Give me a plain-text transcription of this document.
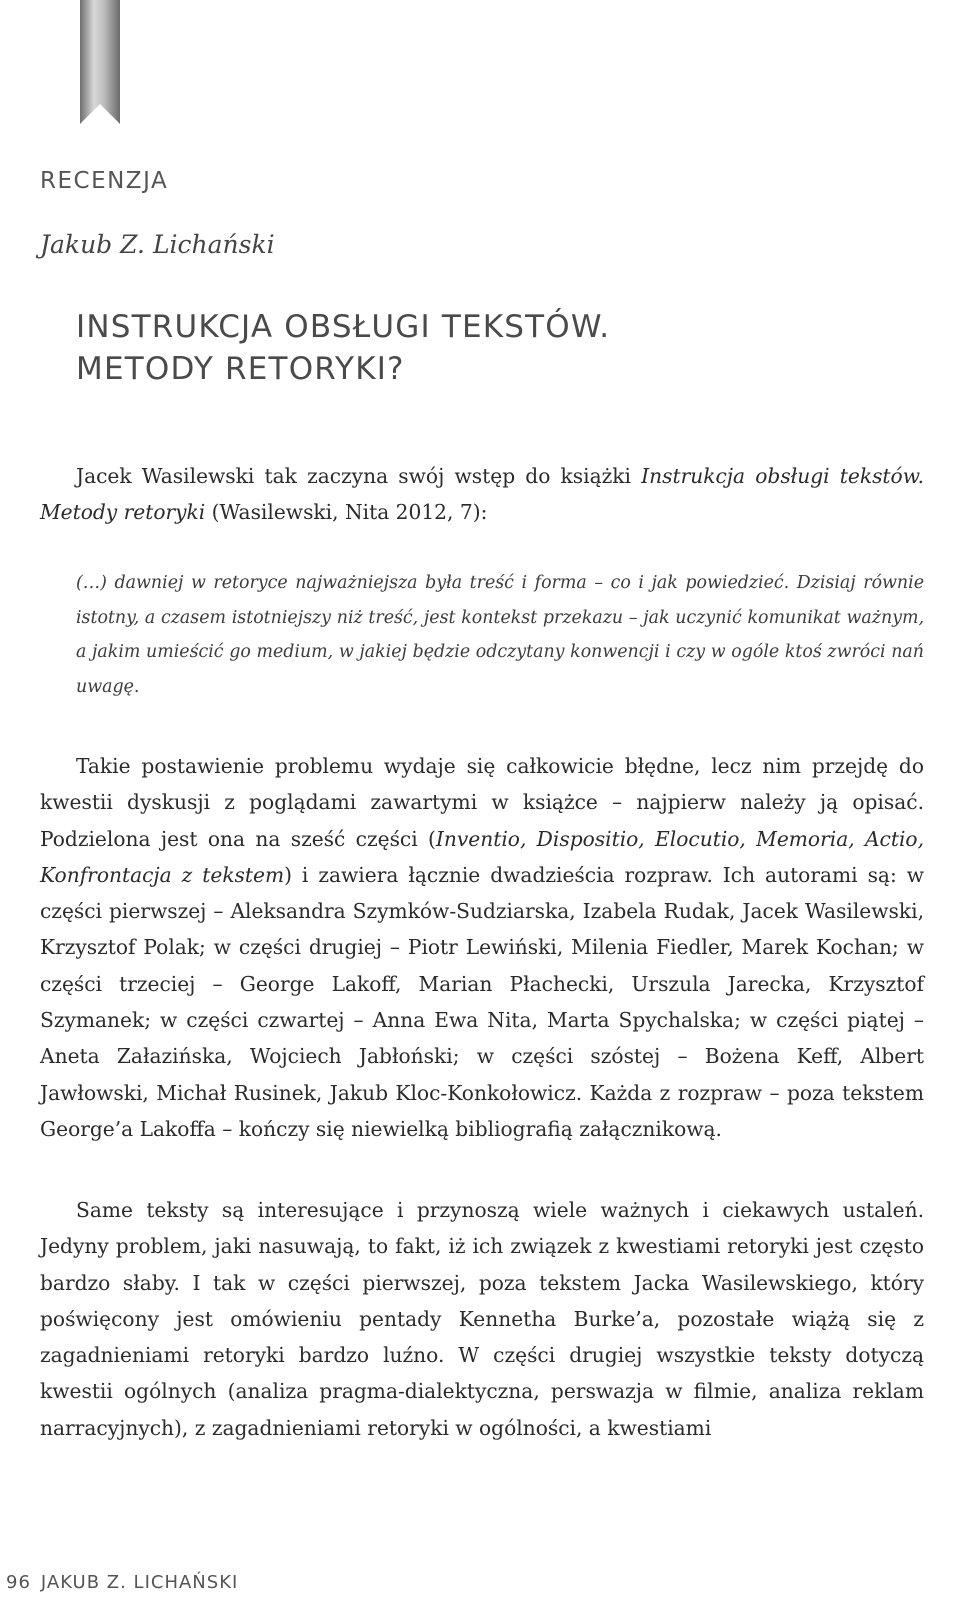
RECENZJA

Jakub Z. Lichański

INSTRUKCJA OBSŁUGI TEKSTÓW.
METODY RETORYKI?

Jacek Wasilewski tak zaczyna swój wstęp do książki Instrukcja obsługi tekstów. Metody retoryki (Wasilewski, Nita 2012, 7):

(…) dawniej w retoryce najważniejsza była treść i forma – co i jak powiedzieć. Dzisiaj równie istotny, a czasem istotniejszy niż treść, jest kontekst przekazu – jak uczynić komunikat ważnym, a jakim umieścić go medium, w jakiej będzie odczytany konwencji i czy w ogóle ktoś zwróci nań uwagę.

Takie postawienie problemu wydaje się całkowicie błędne, lecz nim przejdę do kwestii dyskusji z poglądami zawartymi w książce – najpierw należy ją opisać. Podzielona jest ona na sześć części (Inventio, Dispositio, Elocutio, Memoria, Actio, Konfrontacja z tekstem) i zawiera łącznie dwadzieścia rozpraw. Ich autorami są: w części pierwszej – Aleksandra Szymków-Sudziarska, Izabela Rudak, Jacek Wasilewski, Krzysztof Polak; w części drugiej – Piotr Lewiński, Milenia Fiedler, Marek Kochan; w części trzeciej – George Lakoff, Marian Płachecki, Urszula Jarecka, Krzysztof Szymanek; w części czwartej – Anna Ewa Nita, Marta Spychalska; w części piątej – Aneta Załazińska, Wojciech Jabłoński; w części szóstej – Bożena Keff, Albert Jawłowski, Michał Rusinek, Jakub Kloc-Konkołowicz. Każda z rozpraw – poza tekstem George’a Lakoffa – kończy się niewielką bibliografią załącznikową.

Same teksty są interesujące i przynoszą wiele ważnych i ciekawych ustaleń. Jedyny problem, jaki nasuwają, to fakt, iż ich związek z kwestiami retoryki jest często bardzo słaby. I tak w części pierwszej, poza tekstem Jacka Wasilewskiego, który poświęcony jest omówieniu pentady Kennetha Burke’a, pozostałe wiążą się z zagadnieniami retoryki bardzo luźno. W części drugiej wszystkie teksty dotyczą kwestii ogólnych (analiza pragma-dialektyczna, perswazja w filmie, analiza reklam narracyjnych), z zagadnieniami retoryki w ogólności, a kwestiami

96 JAKUB Z. LICHAŃSKI
